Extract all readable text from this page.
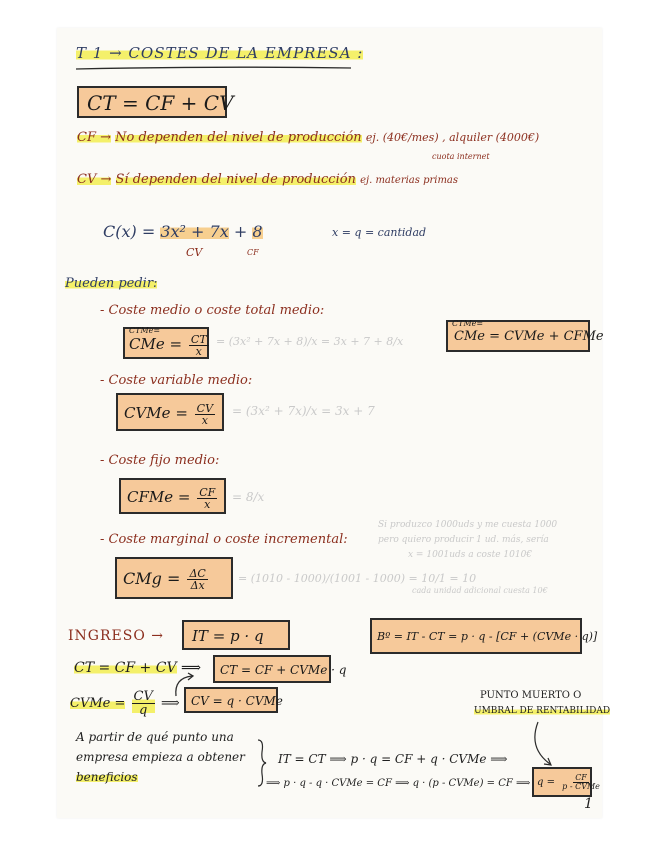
T 1 → COSTES DE LA EMPRESA :
CT = CF + CV
CF → No dependen del nivel de producción ej. (40€/mes) , alquiler (4000€)
cuota internet
CV → Sí dependen del nivel de producción ej. materias primas
C(x) = 3x² + 7x + 8
CV	CF
x = q = cantidad
Pueden pedir:
- Coste medio o coste total medio:
CTMe=
CMe = $\frac{CT}{x} = (3x^2 + 7x + 8)/x = 3x + 7 + 8/x$
CTMe=
CMe = CVMe + CFMe
- Coste variable medio:
CVMe = $\frac{CV}{x} = (3x^2 + 7x)/x = 3x + 7$
- Coste fijo medio:
CFMe = $\frac{CF}{x} = 8/x$
- Coste marginal o coste incremental:
Si produzco 1000uds y me cuesta 1000
pero quiero producir 1 ud. más, sería
x = 1001uds a coste 1010€
CMg = $\frac{\Delta C}{\Delta x}$	= (1010 - 1000)/(1001 - 1000) = 10/1 = 10
cada unidad adicional cuesta 10€
INGRESO →	IT = p · q	Bº = IT - CT = p · q - [CF + (CVMe · q)]
CT = CF + CV ⟹	CT = CF + CVMe · q
CVMe = $\frac{CV}{q}$ ⟹ CV = q · CVMe	PUNTO MUERTO O
UMBRAL DE RENTABILIDAD
A partir de qué punto una
empresa empieza a obtener
beneficios
IT = CT ⟹ p · q = CF + q · CVMe ⟹
⟹ p · q - q · CVMe = CF ⟹ q · (p - CVMe) = CF ⟹ $q = \frac{CF}{\text{p - CVMe}}$
1
